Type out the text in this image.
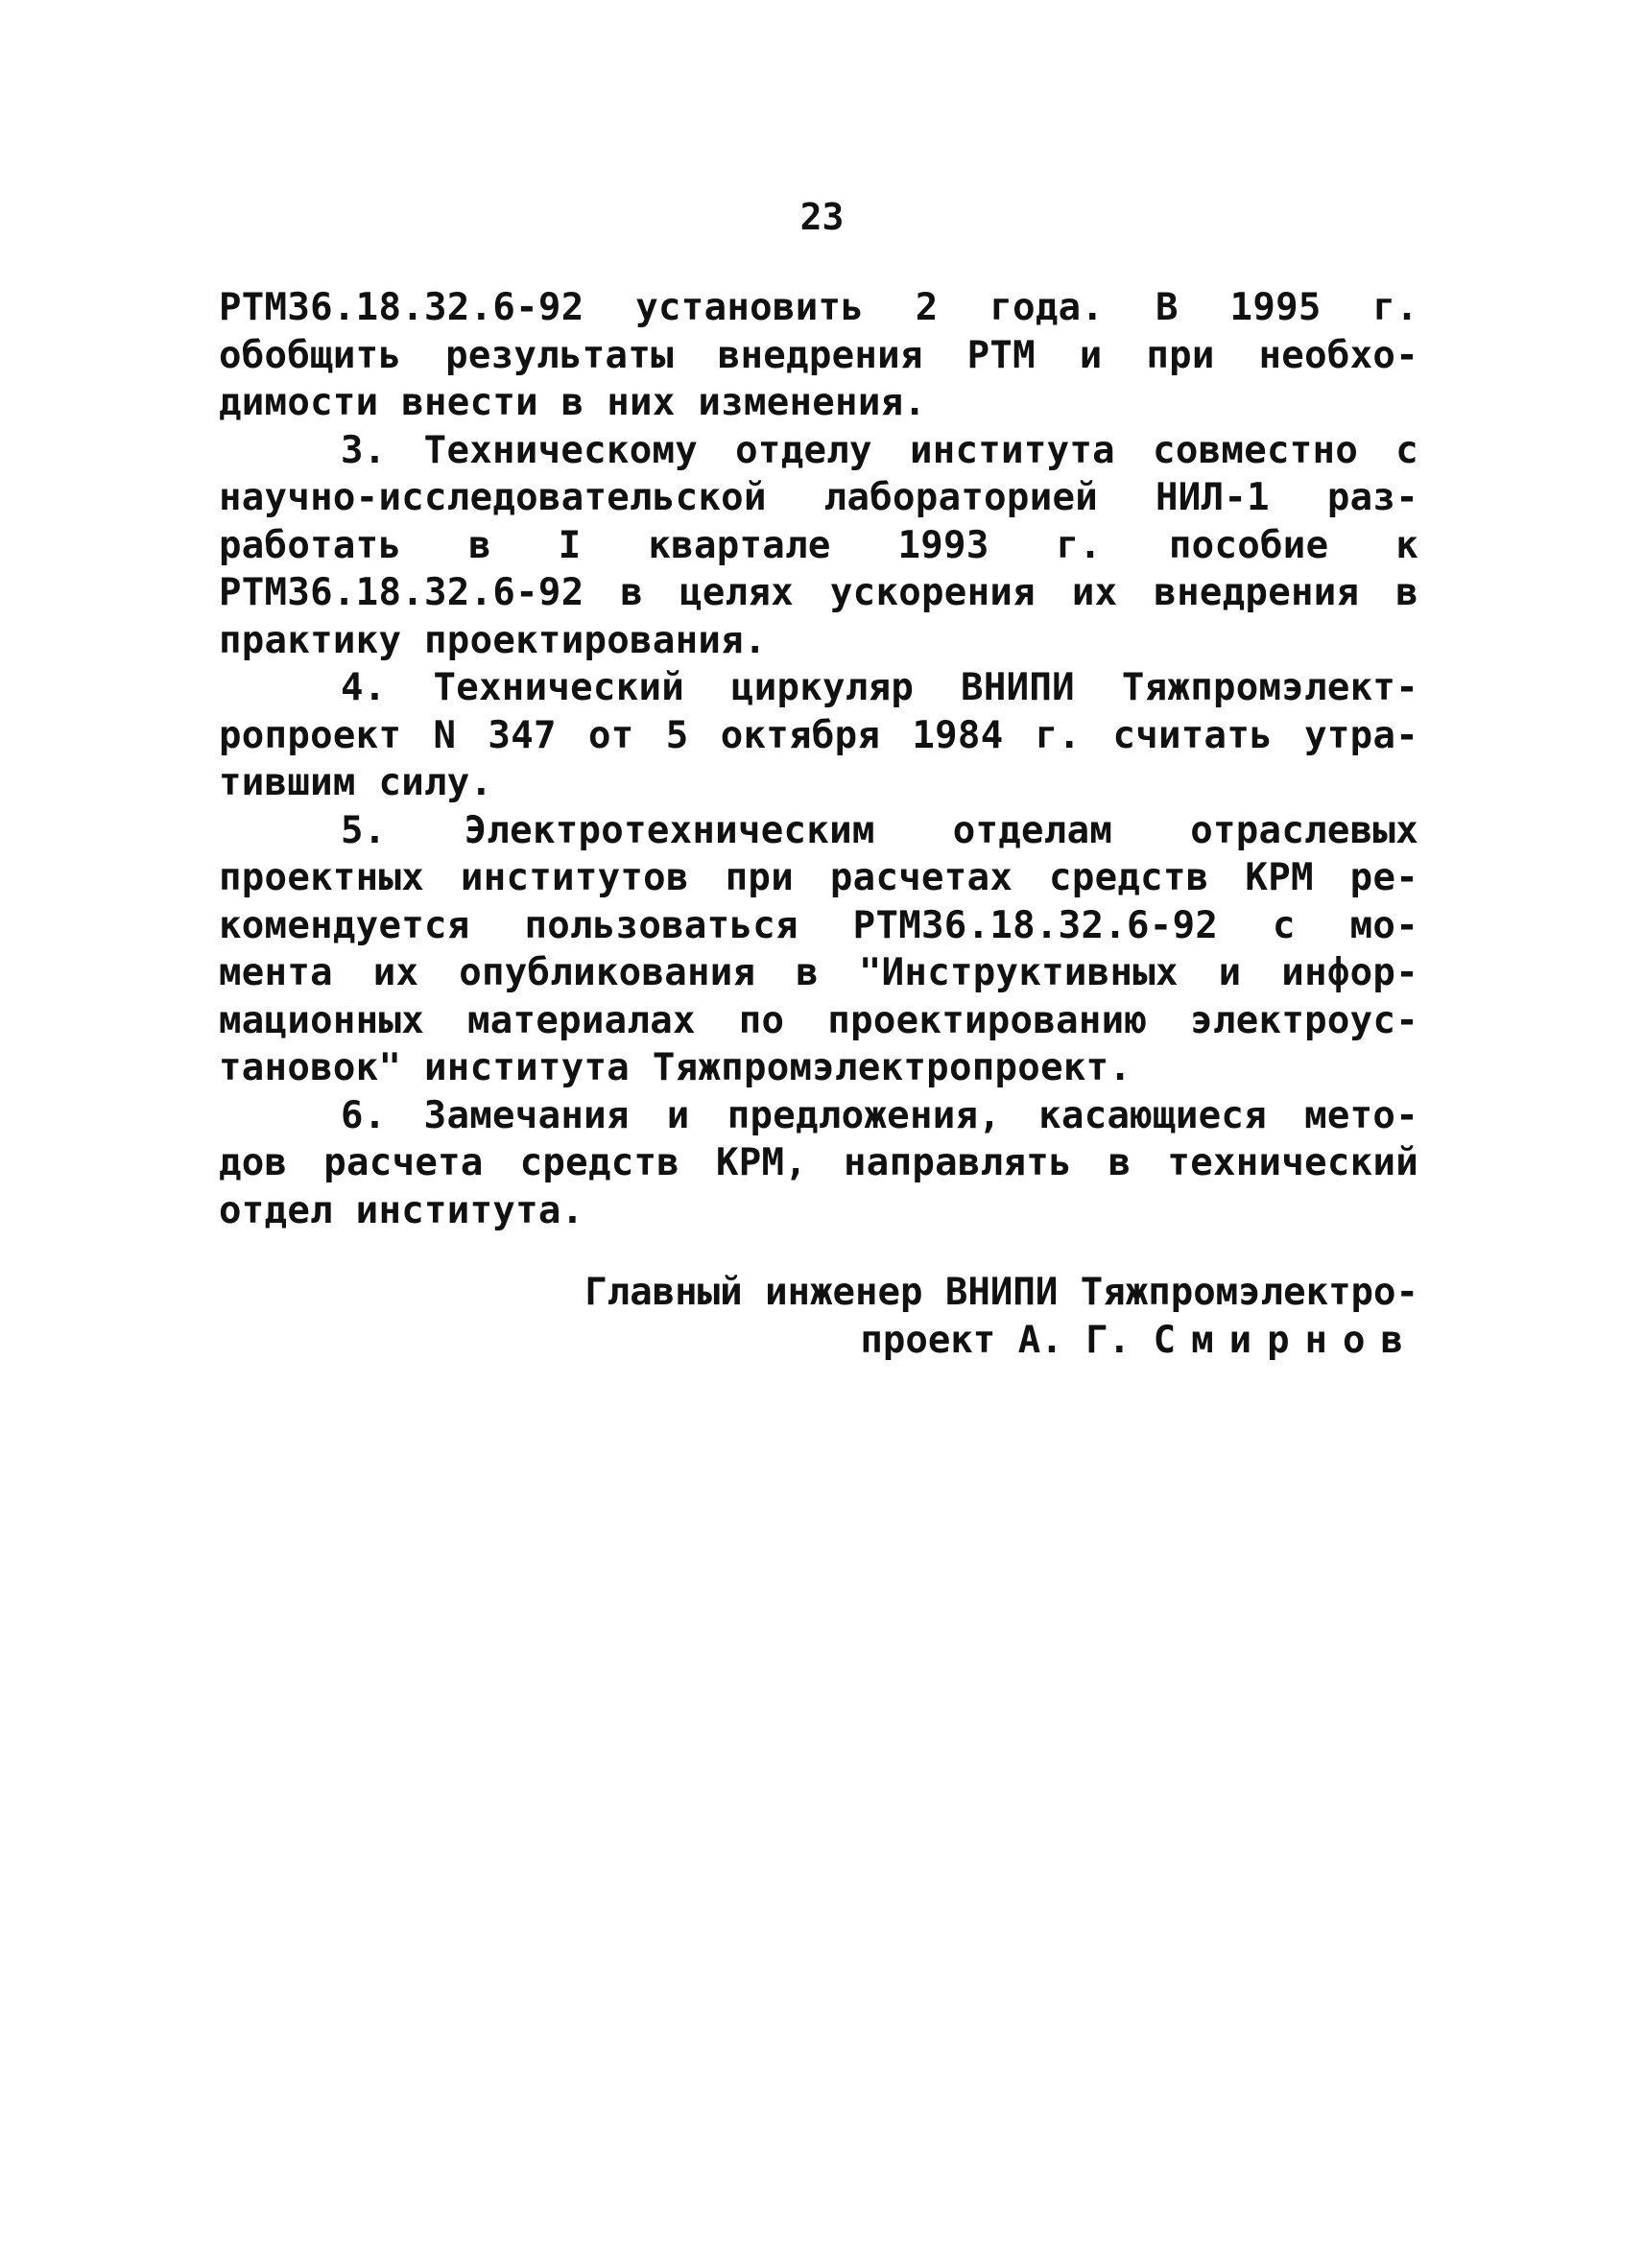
23
РТМ36.18.32.6-92 установить 2 года. В 1995 г.
обобщить результаты внедрения РТМ и при необхо-
димости внести в них изменения.
3. Техническому отделу института совместно с
научно-исследовательской лабораторией НИЛ-1 раз-
работать в I квартале 1993 г. пособие к
РТМ36.18.32.6-92 в целях ускорения их внедрения в
практику проектирования.
4. Технический циркуляр ВНИПИ Тяжпромэлект-
ропроект N 347 от 5 октября 1984 г. считать утра-
тившим силу.
5. Электротехническим отделам отраслевых
проектных институтов при расчетах средств КРМ ре-
комендуется пользоваться РТМ36.18.32.6-92 с мо-
мента их опубликования в "Инструктивных и инфор-
мационных материалах по проектированию электроус-
тановок" института Тяжпромэлектропроект.
6. Замечания и предложения, касающиеся мето-
дов расчета средств КРМ, направлять в технический
отдел института.
Главный инженер ВНИПИ Тяжпромэлектро-
проект А. Г. Смирнов
